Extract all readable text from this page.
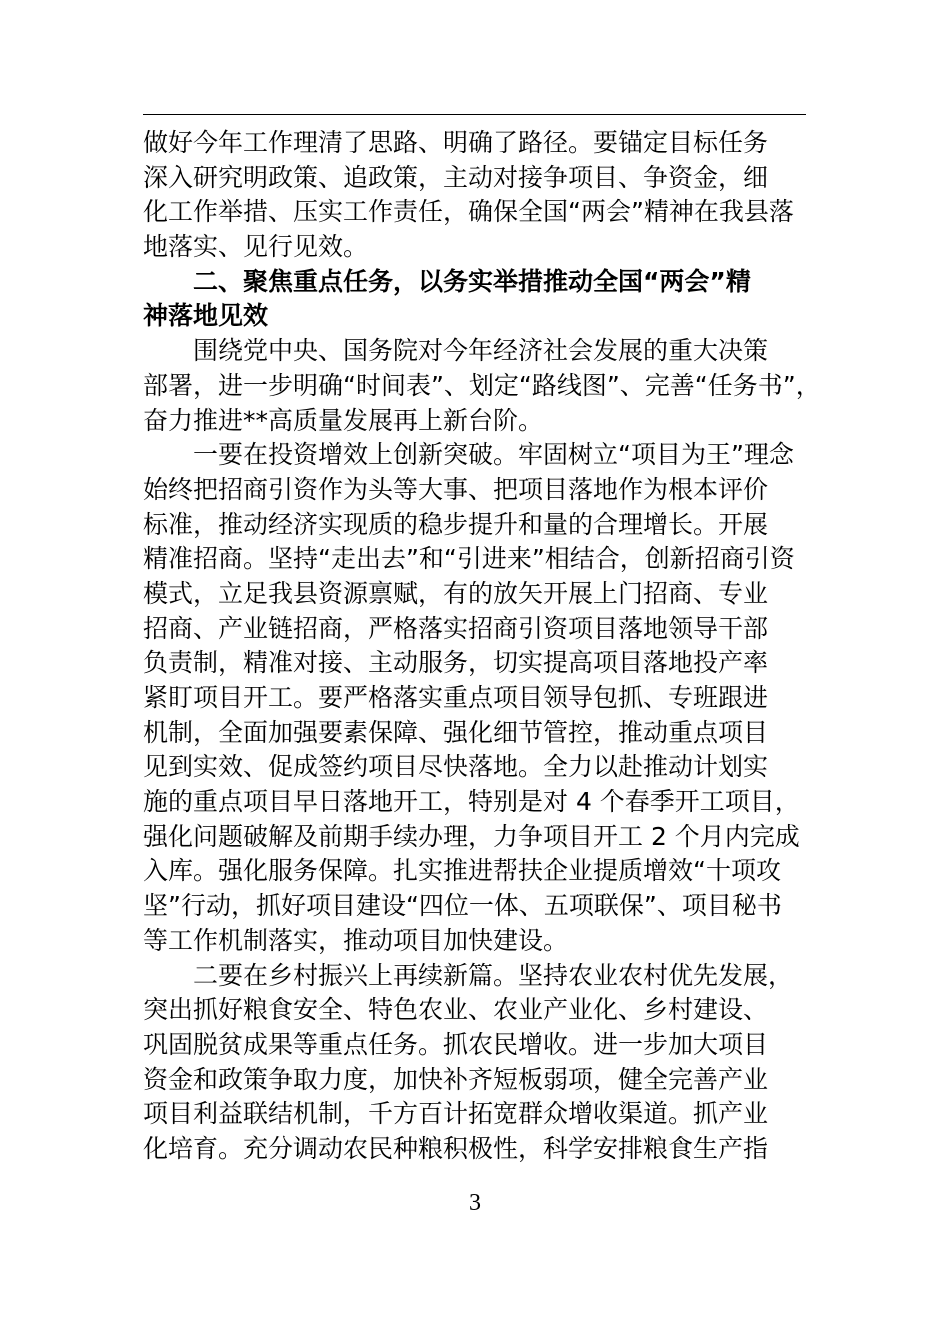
做好今年工作理清了思路、明确了路径。要锚定目标任务
深入研究明政策、追政策，主动对接争项目、争资金，细
化工作举措、压实工作责任，确保全国“两会”精神在我县落
地落实、见行见效。
二、聚焦重点任务，以务实举措推动全国“两会”精
神落地见效
围绕党中央、国务院对今年经济社会发展的重大决策
部署，进一步明确“时间表”、划定“路线图”、完善“任务书”，
奋力推进**高质量发展再上新台阶。
一要在投资增效上创新突破。牢固树立“项目为王”理念
始终把招商引资作为头等大事、把项目落地作为根本评价
标准，推动经济实现质的稳步提升和量的合理增长。开展
精准招商。坚持“走出去”和“引进来”相结合，创新招商引资
模式，立足我县资源禀赋，有的放矢开展上门招商、专业
招商、产业链招商，严格落实招商引资项目落地领导干部
负责制，精准对接、主动服务，切实提高项目落地投产率
紧盯项目开工。要严格落实重点项目领导包抓、专班跟进
机制，全面加强要素保障、强化细节管控，推动重点项目
见到实效、促成签约项目尽快落地。全力以赴推动计划实
施的重点项目早日落地开工，特别是对 4 个春季开工项目，
强化问题破解及前期手续办理，力争项目开工 2 个月内完成
入库。强化服务保障。扎实推进帮扶企业提质增效“十项攻
坚”行动，抓好项目建设“四位一体、五项联保”、项目秘书
等工作机制落实，推动项目加快建设。
二要在乡村振兴上再续新篇。坚持农业农村优先发展，
突出抓好粮食安全、特色农业、农业产业化、乡村建设、
巩固脱贫成果等重点任务。抓农民增收。进一步加大项目
资金和政策争取力度，加快补齐短板弱项，健全完善产业
项目利益联结机制，千方百计拓宽群众增收渠道。抓产业
化培育。充分调动农民种粮积极性，科学安排粮食生产指
3
